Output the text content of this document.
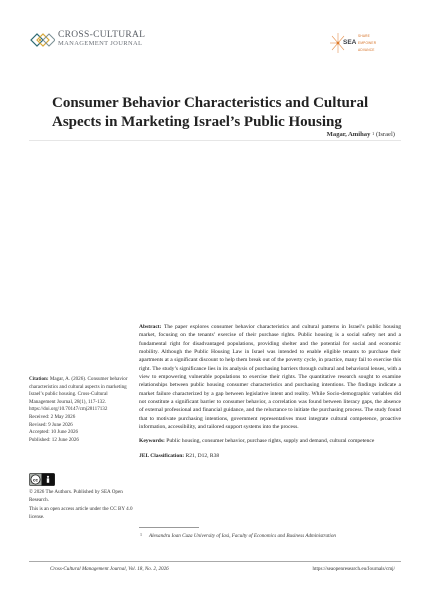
CROSS-CULTURAL
MANAGEMENT JOURNAL	SEA
SHARE
EMPOWER
ADVANCE
Consumer Behavior Characteristics and Cultural Aspects in Marketing Israel’s Public Housing
Magar, Amihay $^1$ (Israel)

Citation: Magar, A. (2026). Consumer behavior characteristics and cultural aspects in marketing Israel’s public housing. Cross-Cultural Management Journal, 28(1), 117-132. https://doi.org/10.70147/cmj28117132

Received: 2 May 2026

Revised: 9 June 2026

Accepted: 10 June 2026

Published: 12 June 2026

cc

© 2026 The Authors. Published by SEA Open Research.

This is an open access article under the CC BY 4.0 license.

Abstract: The paper explores consumer behavior characteristics and cultural patterns in Israel’s public housing market, focusing on the tenants’ exercise of their purchase rights. Public housing is a social safety net and a fundamental right for disadvantaged populations, providing shelter and the potential for social and economic mobility. Although the Public Housing Law in Israel was intended to enable eligible tenants to purchase their apartments at a significant discount to help them break out of the poverty cycle, in practice, many fail to exercise this right. The study’s significance lies in its analysis of purchasing barriers through cultural and behavioral lenses, with a view to empowering vulnerable populations to exercise their rights. The quantitative research sought to examine relationships between public housing consumer characteristics and purchasing intentions. The findings indicate a market failure characterized by a gap between legislative intent and reality. While Socio-demographic variables did not constitute a significant barrier to consumer behavior, a correlation was found between literacy gaps, the absence of external professional and financial guidance, and the reluctance to initiate the purchasing process. The study found that to motivate purchasing intentions, government representatives must integrate cultural competence, proactive information, accessibility, and tailored support systems into the process.

Keywords: Public housing, consumer behavior, purchase rights, supply and demand, cultural competence

JEL Classification: R21, D12, R38

1 Alexandru Ioan Cuza University of Iasi, Faculty of Economics and Business Administration
Cross-Cultural Management Journal, Vol. 18, No. 2, 2026	https://seaopenresearch.eu/Journals/cmj/
